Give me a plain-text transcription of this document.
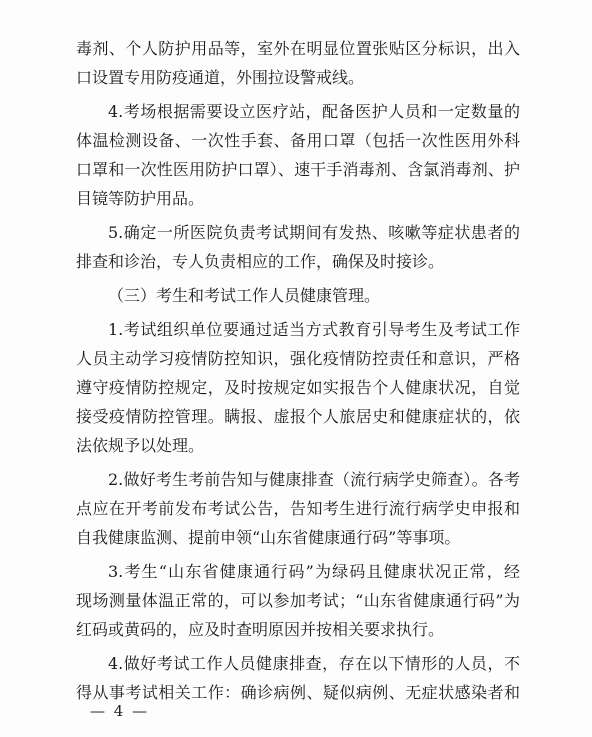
毒剂、个人防护用品等，室外在明显位置张贴区分标识，出入
口设置专用防疫通道，外围拉设警戒线。
4.考场根据需要设立医疗站，配备医护人员和一定数量的
体温检测设备、一次性手套、备用口罩（包括一次性医用外科
口罩和一次性医用防护口罩）、速干手消毒剂、含氯消毒剂、护
目镜等防护用品。
5.确定一所医院负责考试期间有发热、咳嗽等症状患者的
排查和诊治，专人负责相应的工作，确保及时接诊。
（三）考生和考试工作人员健康管理。
1.考试组织单位要通过适当方式教育引导考生及考试工作
人员主动学习疫情防控知识，强化疫情防控责任和意识，严格
遵守疫情防控规定，及时按规定如实报告个人健康状况，自觉
接受疫情防控管理。瞒报、虚报个人旅居史和健康症状的，依
法依规予以处理。
2.做好考生考前告知与健康排查（流行病学史筛查）。各考
点应在开考前发布考试公告，告知考生进行流行病学史申报和
自我健康监测、提前申领“山东省健康通行码”等事项。
3.考生“山东省健康通行码”为绿码且健康状况正常，经
现场测量体温正常的，可以参加考试；“山东省健康通行码”为
红码或黄码的，应及时查明原因并按相关要求执行。
4.做好考试工作人员健康排查，存在以下情形的人员，不
得从事考试相关工作：确诊病例、疑似病例、无症状感染者和
— 4 —
